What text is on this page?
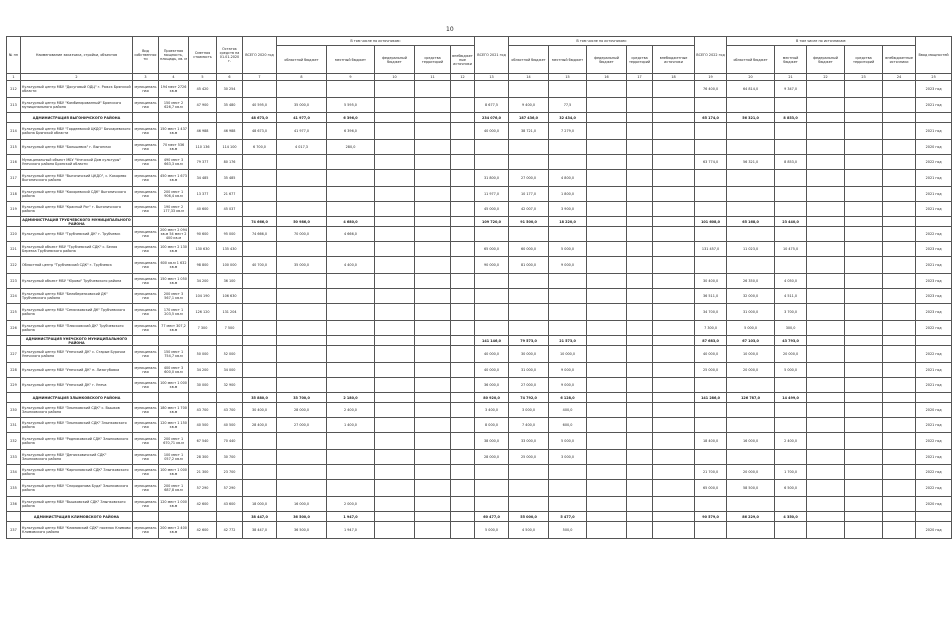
10
№ пп	Наименование заказчика, стройки, объектов	Вид собственности	Проектная мощность, площадь, кв. м	Сметная стоимость	Остаток средств на 01.01.2020 г.	ВСЕГО 2020 год	В том числе по источникам:					ВСЕГО 2021 год	В том числе по источникам:					ВСЕГО 2022 год	В том числе по источникам:					Ввод мощностей
							областной бюджет	местный бюджет	федеральный бюджет	средства территорий	внебюджетные источники		областной бюджет	местный бюджет	федеральный бюджет	средства территорий	внебюджетные источники		областной бюджет	местный бюджет	федеральный бюджет	средства территорий	внебюджетные источники	
1	2	3	4	5	6	7	8	9	10	11	12	13	14	15	16	17	18	19	20	21	22	23	24	25
212	Культурный центр МБУ "Досуговый ОДЦ" г. Ряжск Брянской области	муниципальная	194 мест 2726 кв.м	45 420	30 254													76 400,0	64 814,0	9 347,0				2023 год
213	Культурный центр МБУ "Комбинированный" Брянского муниципального района	муниципальная	150 мест 2 626,7 кв.м	47 900	35 480	40 595,0	35 000,0	5 595,0				8 677,5	9 400,0	77,5										2021 год
	АДМИНИСТРАЦИЯ ВЫГОНИЧСКОГО РАЙОНА					48 673,0	41 977,0	6 396,0				234 076,0	187 436,0	32 434,0				65 174,0	56 321,0	8 853,0				
214	Культурный центр МБУ "Гордеевский ЦКДО" Бочкаревского района Брянской области	муниципальная	150 мест 1 437 кв.м	46 988	46 988	48 673,0	41 977,0	6 396,0				40 000,0	38 721,0	7 279,0										2021 год
215	Культурный центр МБУ "Большевик" г. Выгоничи	муниципальная	70 мест 536 кв.м	110 136	114 100	6 700,0	4 017,3	280,0																2020 год
216	Муниципальный объект МБУ "Унечский Дом культуры" Унечского района Брянской области	муниципальная	490 мест 3 663,3 кв.м	79 377	80 176													63 774,0	56 321,0	8 853,0				2022 год
217	Культурный центр МБУ "Выгоничский ЦКДО", с. Кокорево Выгоничского района	муниципальная	450 мест 1 673 кв.м	34 485	35 485							31 800,0	27 000,0	4 800,0										2021 год
218	Культурный центр МБУ "Кокоревский СДК" Выгоничского района	муниципальная	200 мест 1 906,4 кв.м	13 377	21 677							11 977,0	10 177,0	1 800,0										2021 год
219	Культурный центр МБУ "Красный Рог" г. Выгоничского района	муниципальная	190 мест 2 177,33 кв.м	40 600	45 037							45 000,0	42 007,0	3 900,0										2021 год
	АДМИНИСТРАЦИЯ ТРУБЧЕВСКОГО МУНИЦИПАЛЬНОГО РАЙОНА					74 666,0	50 986,0	4 680,0				109 720,0	91 500,0	18 220,0				101 608,0	65 168,0	23 440,0				
220	Культурный центр МБУ "Трубчевский ДК" г. Трубчевск	муниципальная	200 мест 2 094 кв.м 54 мест 2 400 кв.м	90 600	95 000	74 666,0	70 000,0	4 666,0																2022 год
221	Культурный объект МБУ "Трубчевский СДК" с. Белая Березка Трубчевского района	муниципальная	100 мест 2 130 кв.м	130 630	135 430							65 000,0	60 000,0	5 000,0				131 457,0	11 023,0	10 475,0				2023 год
222	Областной центр "Трубчевский СДК" г. Трубчевск	муниципальная	600 кв.м 1 632 кв.м	98 800	100 000	40 700,0	35 000,0	4 400,0				90 000,0	81 000,0	9 000,0										2021 год
223	Культурный объект МБУ "Юрово" Трубчевского района	муниципальная	150 мест 1 050 кв.м	34 200	36 100													30 400,0	26 350,0	4 050,0				2023 год
224	Культурный центр МБУ "Белоберезковский ДК" Трубчевского района	муниципальная	200 мест 3 567,1 кв.м	104 190	106 630													36 511,0	32 000,0	4 511,0				2023 год
225	Культурный центр МБУ "Семячковский ДК" Трубчевского района	муниципальная	170 мест 1 203,5 кв.м	126 120	131 204													34 700,0	31 000,0	3 700,0				2023 год
226	Культурный центр МБУ "Плюсковский ДК" Трубчевского района	муниципальная	77 мест 307,2 кв.м	7 300	7 500													7 300,0	5 000,0	300,0				2022 год
	АДМИНИСТРАЦИЯ УНЕЧСКОГО МУНИЦИПАЛЬНОГО РАЙОНА											141 146,0	79 573,0	21 573,0				87 683,0	67 103,0	43 793,0				
227	Культурный центр МБУ "Унечский ДК" с. Старые Бурачки Унечского района	муниципальная	150 мест 1 754,7 кв.м	50 000	52 000							40 000,0	30 000,0	10 000,0				40 000,0	10 000,0	20 000,0				2022 год
228	Культурный центр МБУ "Унечский ДК" п. Лизогубовка	муниципальная	400 мест 3 600,0 кв.м	34 200	34 000							40 000,0	31 000,0	9 000,0				25 000,0	20 000,0	5 000,0				2021 год
229	Культурный центр МБУ "Унечский ДК" г. Унеча	муниципальная	100 мест 1 000 кв.м	30 000	32 900							36 000,0	27 000,0	9 000,0										2021 год
	АДМИНИСТРАЦИЯ ЗЛЫНКОВСКОГО РАЙОНА					35 880,0	33 700,0	2 180,0				80 920,0	74 792,0	6 128,0				141 286,0	126 787,0	14 499,0				
230	Культурный центр МБУ "Злынковский СДК" с. Вышков Злынковского района	муниципальная	180 мест 1 700 кв.м	43 700	43 700	30 400,0	28 000,0	2 400,0				3 400,0	3 000,0	400,0										2020 год
231	Культурный центр МБУ "Злынковский СДК" Злынковского района	муниципальная	120 мест 1 150 кв.м	40 500	40 500	28 400,0	27 000,0	1 400,0				8 000,0	7 400,0	600,0										2021 год
232	Культурный центр МБУ "Родниковский СДК" Злынковского района	муниципальная	200 мест 1 670,71 кв.м	67 540	70 440							38 000,0	33 000,0	5 000,0				18 400,0	16 000,0	2 400,0				2022 год
233	Культурный центр МБУ "Денисковичский СДК" Злынковского района	муниципальная	100 мест 1 057,2 кв.м	28 300	30 700							28 000,0	25 000,0	3 000,0										2021 год
234	Культурный центр МБУ "Карпиловский СДК" Злынковского района	муниципальная	100 мест 1 000 кв.м	21 300	23 700													21 700,0	20 000,0	1 700,0				2022 год
235	Культурный центр МБУ "Спиридонова Буда" Злынковского района	муниципальная	200 мест 1 687,8 кв.м	57 290	57 290													65 000,0	58 500,0	6 500,0				2022 год
236	Культурный центр МБУ "Вышковский СДК" Злынковского района	муниципальная	120 мест 1 000 кв.м	42 600	43 600	18 000,0	16 000,0	2 000,0																2020 год
	АДМИНИСТРАЦИЯ КЛИМОВСКОГО РАЙОНА					38 447,0	36 500,0	1 947,0				60 477,0	55 000,0	5 477,0				90 579,0	86 229,0	4 350,0				
237	Культурный центр МБУ "Климовский СДК" поселок Климово Климовского района	муниципальная	200 мест 2 400 кв.м	42 600	42 772	38 447,0	36 500,0	1 947,0				5 000,0	4 500,0	500,0										2020 год
